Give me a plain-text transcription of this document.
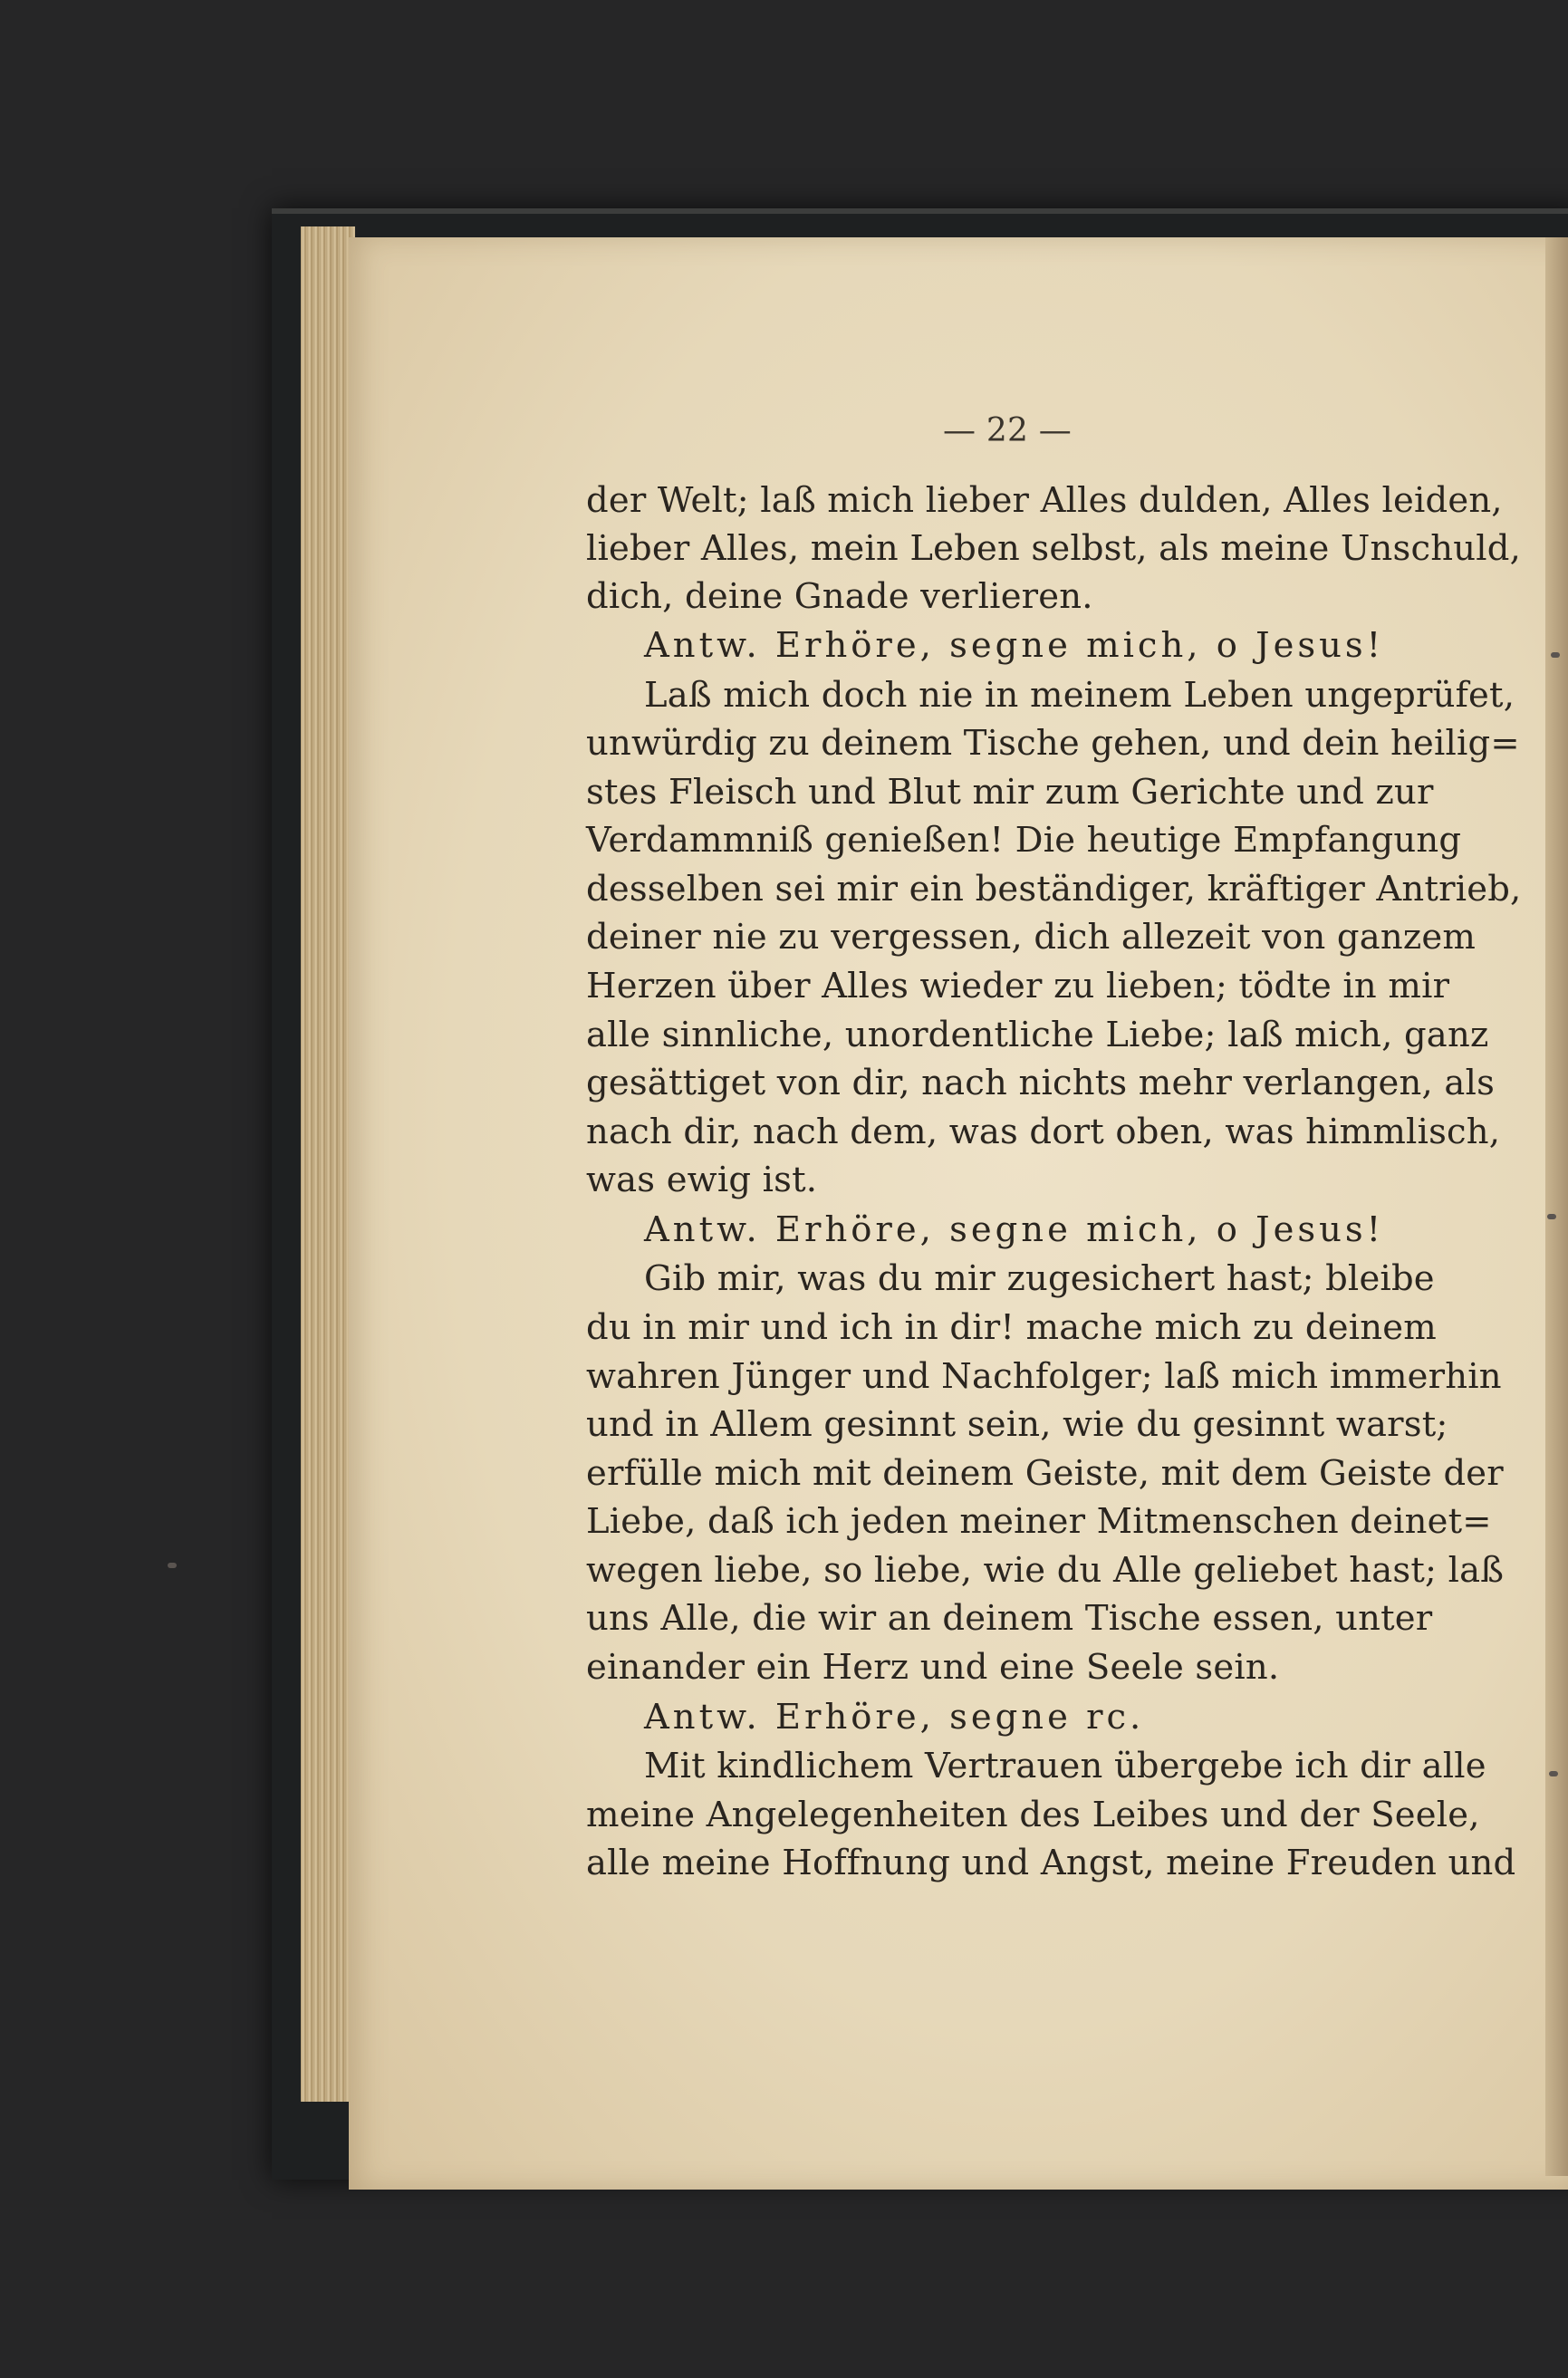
— 22 —
der Welt; laß mich lieber Alles dulden, Alles leiden,
lieber Alles, mein Leben selbst, als meine Unschuld,
dich, deine Gnade verlieren.
Antw. Erhöre, segne mich, o Jesus!
Laß mich doch nie in meinem Leben ungeprüfet,
unwürdig zu deinem Tische gehen, und dein heilig=
stes Fleisch und Blut mir zum Gerichte und zur
Verdammniß genießen! Die heutige Empfangung
desselben sei mir ein beständiger, kräftiger Antrieb,
deiner nie zu vergessen, dich allezeit von ganzem
Herzen über Alles wieder zu lieben; tödte in mir
alle sinnliche, unordentliche Liebe; laß mich, ganz
gesättiget von dir, nach nichts mehr verlangen, als
nach dir, nach dem, was dort oben, was himmlisch,
was ewig ist.
Antw. Erhöre, segne mich, o Jesus!
Gib mir, was du mir zugesichert hast; bleibe
du in mir und ich in dir! mache mich zu deinem
wahren Jünger und Nachfolger; laß mich immerhin
und in Allem gesinnt sein, wie du gesinnt warst;
erfülle mich mit deinem Geiste, mit dem Geiste der
Liebe, daß ich jeden meiner Mitmenschen deinet=
wegen liebe, so liebe, wie du Alle geliebet hast; laß
uns Alle, die wir an deinem Tische essen, unter
einander ein Herz und eine Seele sein.
Antw. Erhöre, segne rc.
Mit kindlichem Vertrauen übergebe ich dir alle
meine Angelegenheiten des Leibes und der Seele,
alle meine Hoffnung und Angst, meine Freuden und
